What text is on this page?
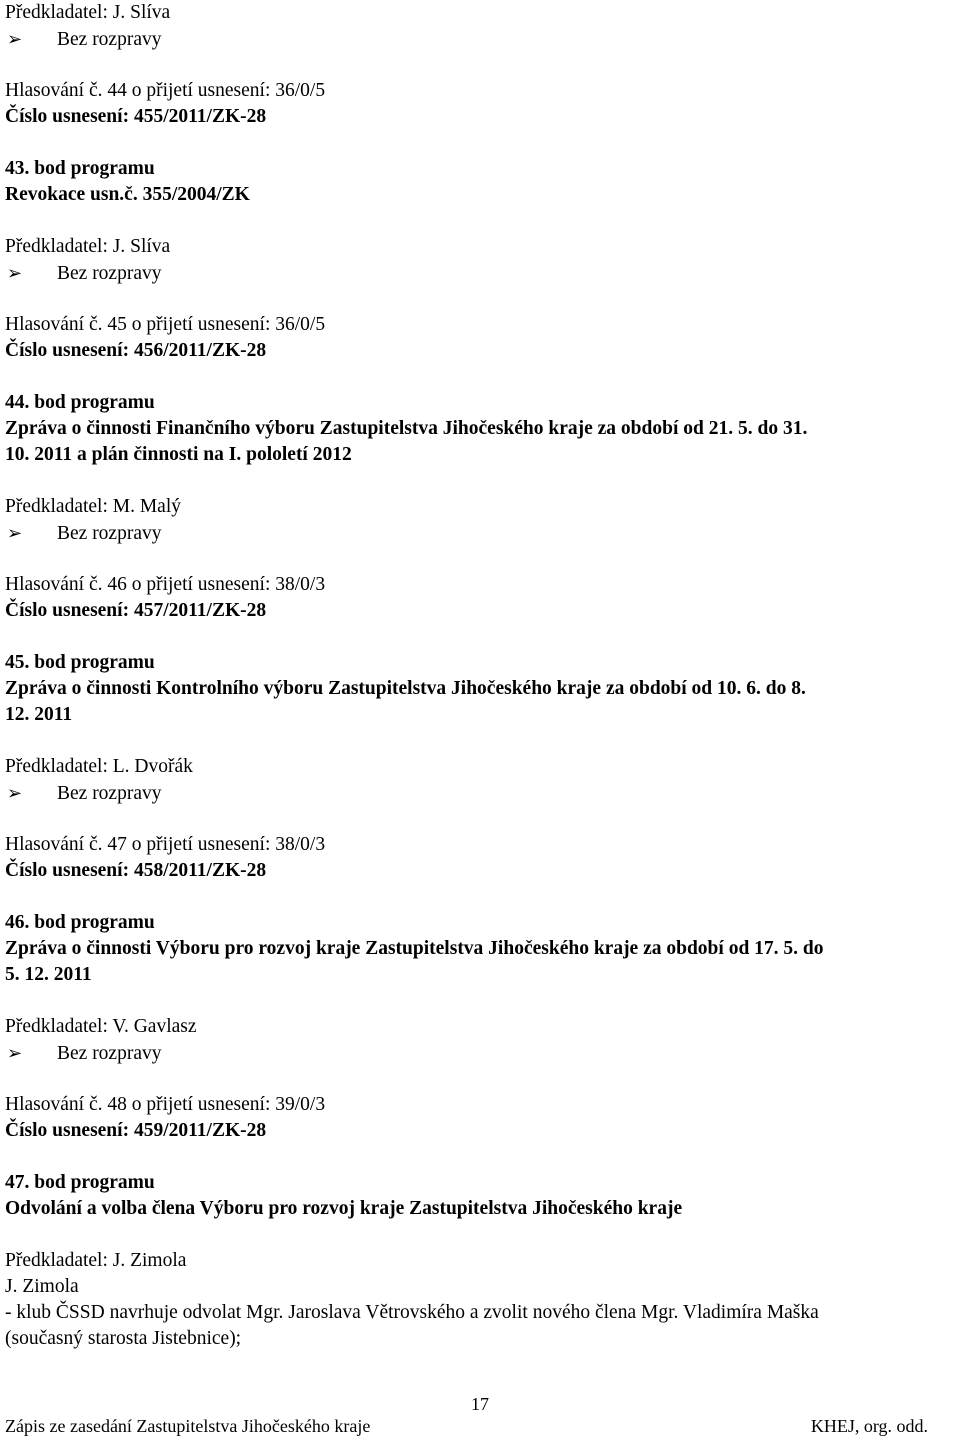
Předkladatel: J. Slíva
➢ Bez rozpravy
Hlasování č. 44 o přijetí usnesení: 36/0/5
Číslo usnesení: 455/2011/ZK-28
43. bod programu
Revokace usn.č. 355/2004/ZK
Předkladatel: J. Slíva
➢ Bez rozpravy
Hlasování č. 45 o přijetí usnesení: 36/0/5
Číslo usnesení: 456/2011/ZK-28
44. bod programu
Zpráva o činnosti Finančního výboru Zastupitelstva Jihočeského kraje za období od 21. 5. do 31.
10. 2011 a plán činnosti na I. pololetí 2012
Předkladatel: M. Malý
➢ Bez rozpravy
Hlasování č. 46 o přijetí usnesení: 38/0/3
Číslo usnesení: 457/2011/ZK-28
45. bod programu
Zpráva o činnosti Kontrolního výboru Zastupitelstva Jihočeského kraje za období od 10. 6. do 8.
12. 2011
Předkladatel: L. Dvořák
➢ Bez rozpravy
Hlasování č. 47 o přijetí usnesení: 38/0/3
Číslo usnesení: 458/2011/ZK-28
46. bod programu
Zpráva o činnosti Výboru pro rozvoj kraje Zastupitelstva Jihočeského kraje za období od 17. 5. do
5. 12. 2011
Předkladatel: V. Gavlasz
➢ Bez rozpravy
Hlasování č. 48 o přijetí usnesení: 39/0/3
Číslo usnesení: 459/2011/ZK-28
47. bod programu
Odvolání a volba člena Výboru pro rozvoj kraje Zastupitelstva Jihočeského kraje
Předkladatel: J. Zimola
J. Zimola
- klub ČSSD navrhuje odvolat Mgr. Jaroslava Větrovského a zvolit nového člena Mgr. Vladimíra Maška
(současný starosta Jistebnice);
17
Zápis ze zasedání Zastupitelstva Jihočeského kraje	KHEJ, org. odd.
